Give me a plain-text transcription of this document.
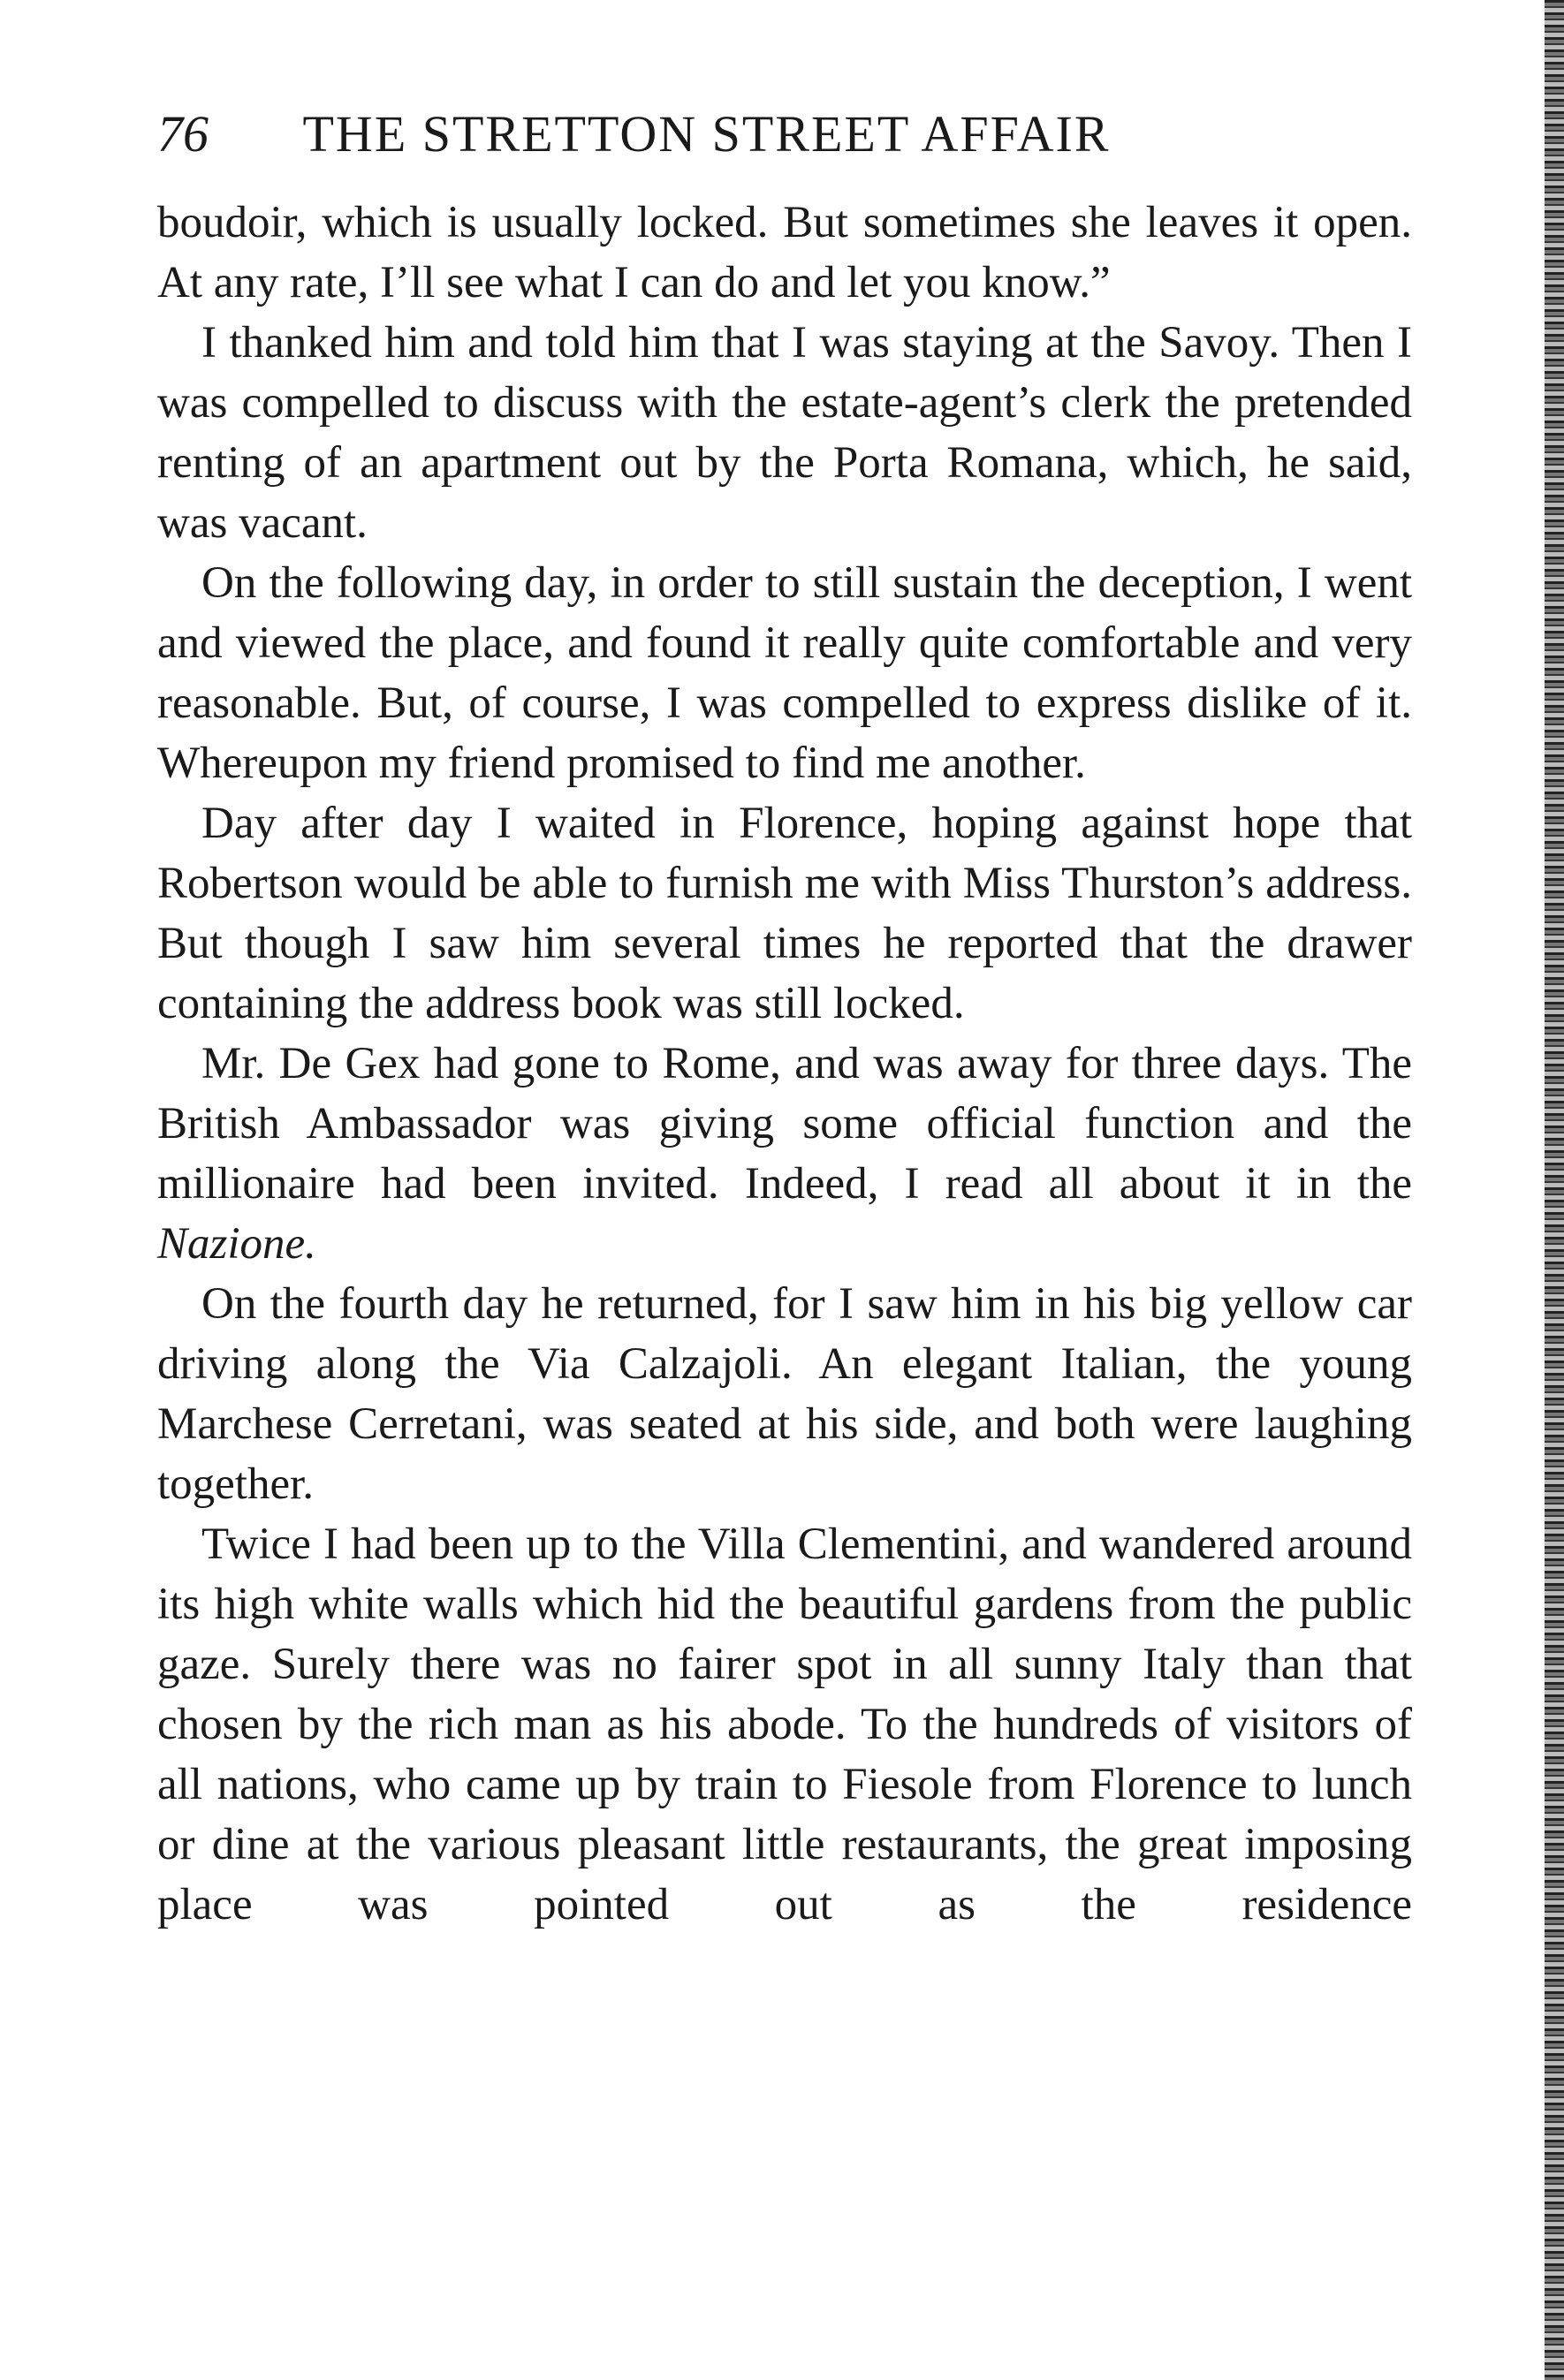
76 THE STRETTON STREET AFFAIR

boudoir, which is usually locked. But sometimes she leaves it open. At any rate, I’ll see what I can do and let you know.”

I thanked him and told him that I was staying at the Savoy. Then I was compelled to discuss with the estate-agent’s clerk the pretended renting of an apartment out by the Porta Romana, which, he said, was vacant.

On the following day, in order to still sustain the deception, I went and viewed the place, and found it really quite comfortable and very reasonable. But, of course, I was compelled to express dislike of it. Whereupon my friend promised to find me another.

Day after day I waited in Florence, hoping against hope that Robertson would be able to furnish me with Miss Thurston’s address. But though I saw him several times he reported that the drawer containing the address book was still locked.

Mr. De Gex had gone to Rome, and was away for three days. The British Ambassador was giving some official function and the millionaire had been invited. Indeed, I read all about it in the Nazione.

On the fourth day he returned, for I saw him in his big yellow car driving along the Via Calzajoli. An elegant Italian, the young Marchese Cerretani, was seated at his side, and both were laughing together.

Twice I had been up to the Villa Clementini, and wandered around its high white walls which hid the beautiful gardens from the public gaze. Surely there was no fairer spot in all sunny Italy than that chosen by the rich man as his abode. To the hundreds of visitors of all nations, who came up by train to Fiesole from Florence to lunch or dine at the various pleasant little restaurants, the great imposing place was pointed out as the residence
